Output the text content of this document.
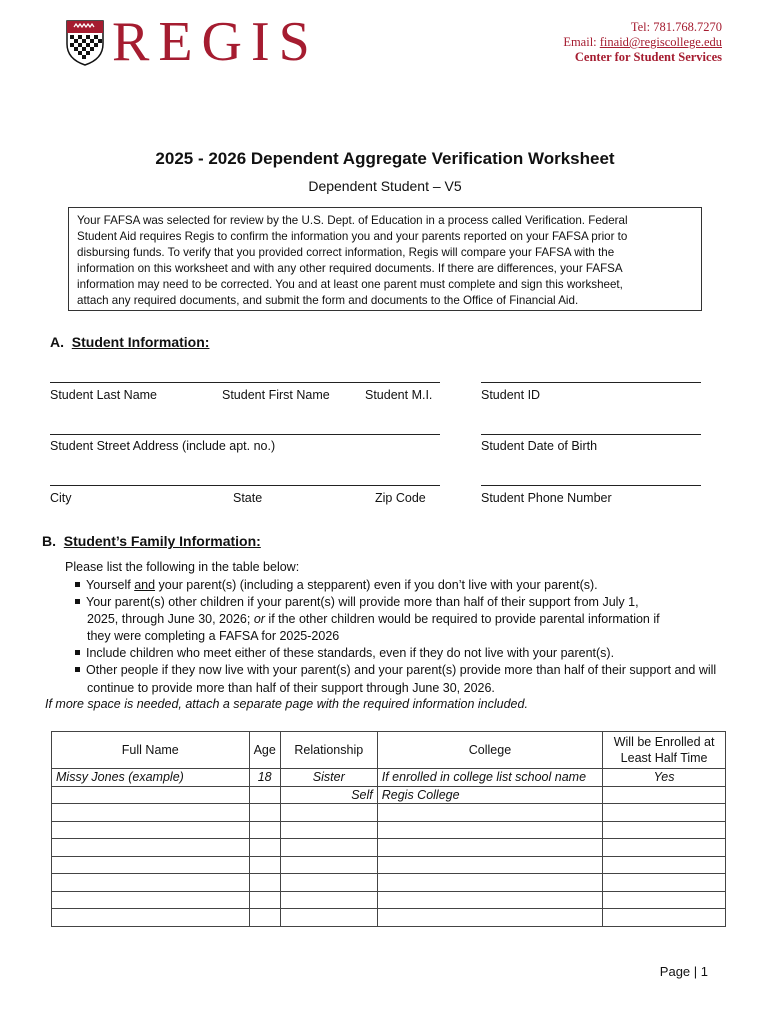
REGIS	Tel: 781.768.7270
Email: finaid@regiscollege.edu
Center for Student Services
2025 - 2026 Dependent Aggregate Verification Worksheet
Dependent Student – V5
Your FAFSA was selected for review by the U.S. Dept. of Education in a process called Verification. Federal
Student Aid requires Regis to confirm the information you and your parents reported on your FAFSA prior to
disbursing funds. To verify that you provided correct information, Regis will compare your FAFSA with the
information on this worksheet and with any other required documents. If there are differences, your FAFSA
information may need to be corrected. You and at least one parent must complete and sign this worksheet,
attach any required documents, and submit the form and documents to the Office of Financial Aid.
A. Student Information:
Student Last Name	Student First Name	Student M.I.	Student ID
Student Street Address (include apt. no.)	Student Date of Birth
City	State	Zip Code	Student Phone Number
B. Student’s Family Information:
Please list the following in the table below:
Yourself and your parent(s) (including a stepparent) even if you don’t live with your parent(s).
Your parent(s) other children if your parent(s) will provide more than half of their support from July 1,
2025, through June 30, 2026; or if the other children would be required to provide parental information if
they were completing a FAFSA for 2025-2026
Include children who meet either of these standards, even if they do not live with your parent(s).
Other people if they now live with your parent(s) and your parent(s) provide more than half of their support and will
continue to provide more than half of their support through June 30, 2026.
If more space is needed, attach a separate page with the required information included.
Full Name	Age	Relationship	College	Will be Enrolled at
Least Half Time

Missy Jones (example)	18	Sister	If enrolled in college list school name	Yes
		Self	Regis College	

Page | 1
